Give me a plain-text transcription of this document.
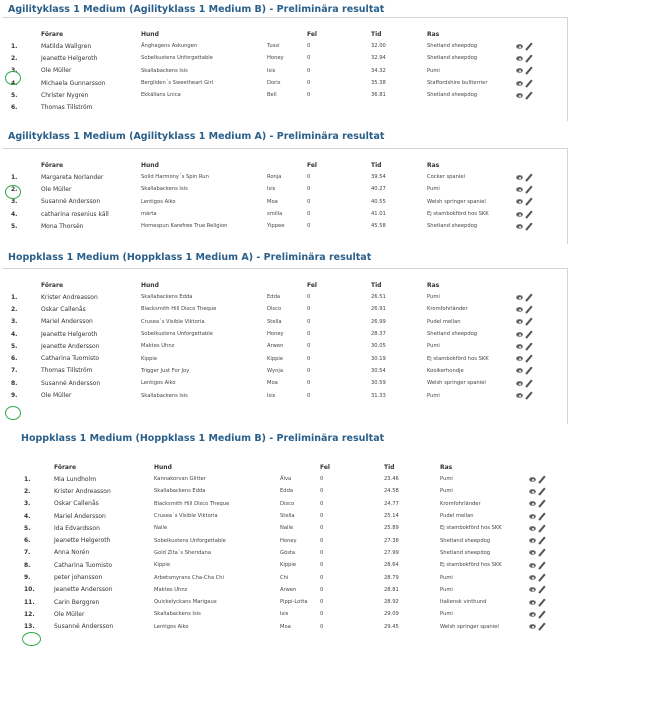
Agilityklass 1 Medium (Agilityklass 1 Medium B) - Preliminära resultat
	Förare	Hund		Fel	Tid	Ras	
1.	Matilda Wallgren	Änghagens Askungen	Tussi	0	32.00	Shetland sheepdog	
2.	Jeanette Helgeroth	Sobelkustens Unforgettable	Honey	0	32.94	Shetland sheepdog	
3.	Ole Müller	Skallabackens Isis	Isis	0	34.32	Pumi	
4.	Michaela Gunnarsson	Bergliden´s Sweetheart Girl	Doris	0	35.38	Staffordshire bullterrier	
5.	Christer Nygren	Ekkällans Lnica	Bell	0	36.81	Shetland sheepdog	
6.	Thomas Tillström						
Agilityklass 1 Medium (Agilityklass 1 Medium A) - Preliminära resultat
	Förare	Hund		Fel	Tid	Ras	
1.	Margareta Norlander	Solid Harmony´s Spin Run	Ronja	0	39.54	Cocker spaniel	
2.	Ole Müller	Skallabackens Isis	Isis	0	40.27	Pumi	
3.	Susanné Andersson	Lentigos Aiko	Moa	0	40.55	Welsh springer spaniel	
4.	catharina rosenius käll	märta	smilla	0	41.01	Ej stambokförd hos SKK	
5.	Mona Thorsén	Homespun Karefree True Religion	Yippee	0	45.58	Shetland sheepdog	
Hoppklass 1 Medium (Hoppklass 1 Medium A) - Preliminära resultat
	Förare	Hund		Fel	Tid	Ras	
1.	Krister Andreasson	Skallabackens Edda	Edda	0	26.51	Pumi	
2.	Oskar Callenås	Blacksmith Hill Disco Theque	Disco	0	26.91	Kromfohrländer	
3.	Mariel Andersson	Crusea´s Visible Viktoria	Stella	0	26.99	Pudel mellan	
4.	Jeanette Helgeroth	Sobelkustens Unforgettable	Honey	0	28.37	Shetland sheepdog	
5.	Jeanette Andersson	Maktes Uhnz	Arwen	0	30.05	Pumi	
6.	Catharina Tuomisto	Kippie	Kippie	0	30.19	Ej stambokförd hos SKK	
7.	Thomas Tillström	Trigger Just For Joy	Wynja	0	30.54	Kooikerhondje	
8.	Susanné Andersson	Lentigos Aiko	Moa	0	30.59	Welsh springer spaniel	
9.	Ole Müller	Skallabackens Isis	Isis	0	31.33	Pumi	
Hoppklass 1 Medium (Hoppklass 1 Medium B) - Preliminära resultat
	Förare	Hund		Fel	Tid	Ras	
1.	Mia Lundholm	Kannakorvan Glitter	Älva	0	23.46	Pumi	
2.	Krister Andreasson	Skallabackens Edda	Edda	0	24.58	Pumi	
3.	Oskar Callenås	Blacksmith Hill Disco Theque	Disco	0	24.77	Kromfohrländer	
4.	Mariel Andersson	Crusea´s Visible Viktoria	Stella	0	25.14	Pudel mellan	
5.	Ida Edvardsson	Nalle	Nalle	0	25.89	Ej stambokförd hos SKK	
6.	Jeanette Helgeroth	Sobelkustens Unforgettable	Honey	0	27.38	Shetland sheepdog	
7.	Anna Norén	Gold Zita´s Sheridana	Gösta	0	27.99	Shetland sheepdog	
8.	Catharina Tuomisto	Kippie	Kippie	0	28.64	Ej stambokförd hos SKK	
9.	peter johansson	Arbetsmyrans Cha-Cha Chi	Chi	0	28.79	Pumi	
10.	Jeanette Andersson	Maktes Uhnz	Arwen	0	28.81	Pumi	
11.	Carin Berggren	Quickelyckans Marigaux	Pippi-Lotta	0	28.92	Italiensk vinthund	
12.	Ole Müller	Skallabackens Isis	Isis	0	29.09	Pumi	
13.	Susanné Andersson	Lentigos Aiko	Moa	0	29.45	Welsh springer spaniel	
